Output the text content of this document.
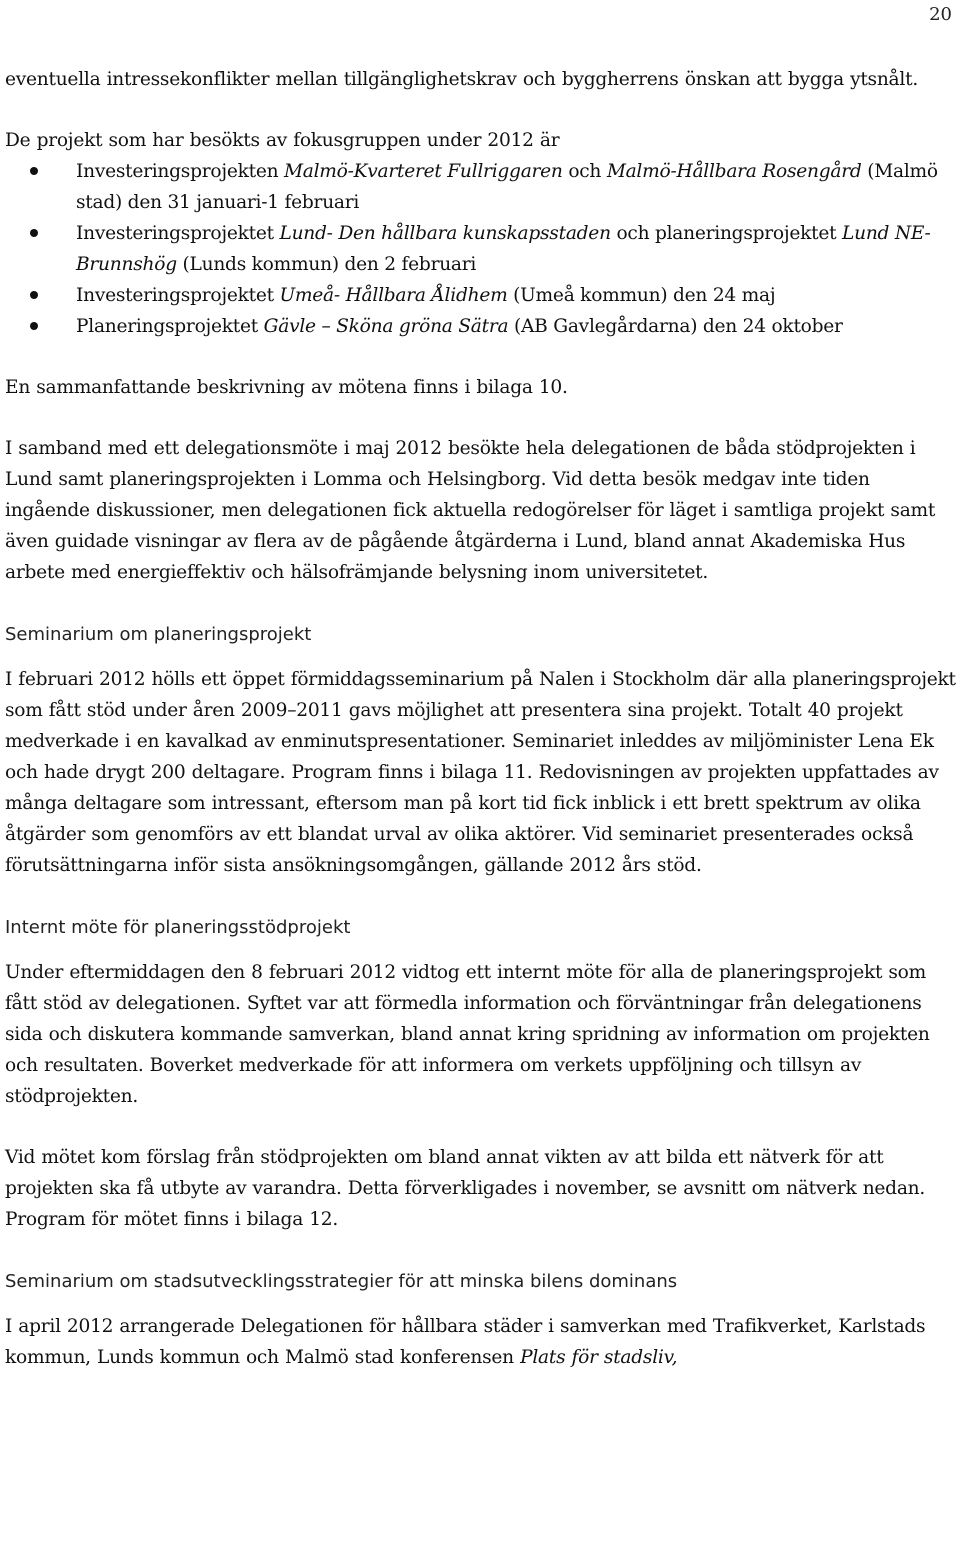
20

eventuella intressekonflikter mellan tillgänglighetskrav och byggherrens önskan att bygga ytsnålt.

De projekt som har besökts av fokusgruppen under 2012 är

Investeringsprojekten Malmö-Kvarteret Fullriggaren och Malmö-Hållbara Rosengård (Malmö stad) den 31 januari-1 februari
Investeringsprojektet Lund- Den hållbara kunskapsstaden och planeringsprojektet Lund NE-Brunnshög (Lunds kommun) den 2 februari
Investeringsprojektet Umeå- Hållbara Ålidhem (Umeå kommun) den 24 maj
Planeringsprojektet Gävle – Sköna gröna Sätra (AB Gavlegårdarna) den 24 oktober

En sammanfattande beskrivning av mötena finns i bilaga 10.

I samband med ett delegationsmöte i maj 2012 besökte hela delegationen de båda stödprojekten i Lund samt planeringsprojekten i Lomma och Helsingborg. Vid detta besök medgav inte tiden ingående diskussioner, men delegationen fick aktuella redogörelser för läget i samtliga projekt samt även guidade visningar av flera av de pågående åtgärderna i Lund, bland annat Akademiska Hus arbete med energieffektiv och hälsofrämjande belysning inom universitetet.

Seminarium om planeringsprojekt

I februari 2012 hölls ett öppet förmiddagsseminarium på Nalen i Stockholm där alla planeringsprojekt som fått stöd under åren 2009–2011 gavs möjlighet att presentera sina projekt. Totalt 40 projekt medverkade i en kavalkad av enminutspresentationer. Seminariet inleddes av miljöminister Lena Ek och hade drygt 200 deltagare. Program finns i bilaga 11. Redovisningen av projekten uppfattades av många deltagare som intressant, eftersom man på kort tid fick inblick i ett brett spektrum av olika åtgärder som genomförs av ett blandat urval av olika aktörer. Vid seminariet presenterades också förutsättningarna inför sista ansökningsomgången, gällande 2012 års stöd.

Internt möte för planeringsstödprojekt

Under eftermiddagen den 8 februari 2012 vidtog ett internt möte för alla de planeringsprojekt som fått stöd av delegationen. Syftet var att förmedla information och förväntningar från delegationens sida och diskutera kommande samverkan, bland annat kring spridning av information om projekten och resultaten. Boverket medverkade för att informera om verkets uppföljning och tillsyn av stödprojekten.

Vid mötet kom förslag från stödprojekten om bland annat vikten av att bilda ett nätverk för att projekten ska få utbyte av varandra. Detta förverkligades i november, se avsnitt om nätverk nedan. Program för mötet finns i bilaga 12.

Seminarium om stadsutvecklingsstrategier för att minska bilens dominans

I april 2012 arrangerade Delegationen för hållbara städer i samverkan med Trafikverket, Karlstads kommun, Lunds kommun och Malmö stad konferensen Plats för stadsliv,
